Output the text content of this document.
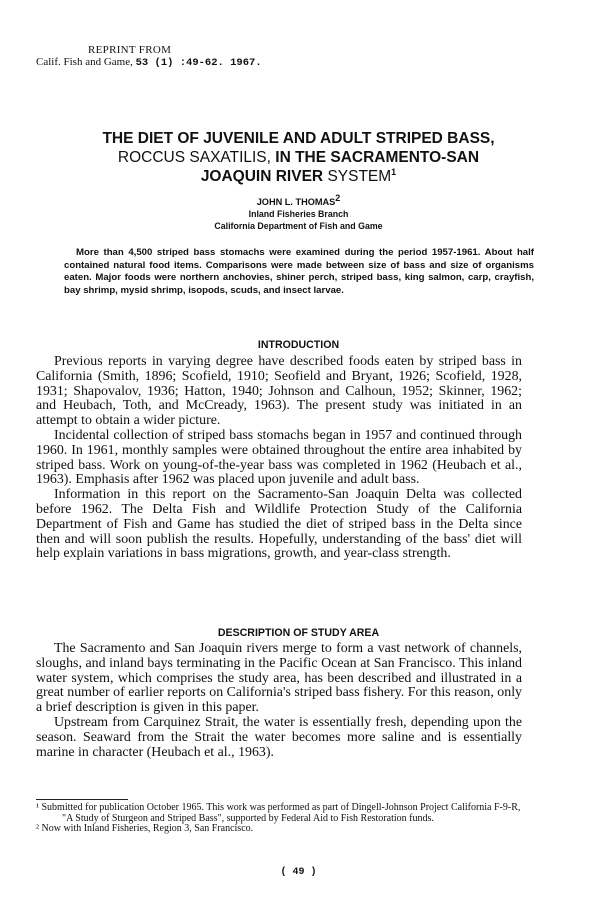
REPRINT FROM
Calif. Fish and Game, 53 (1) :49-62. 1967.
THE DIET OF JUVENILE AND ADULT STRIPED BASS,
ROCCUS SAXATILIS, IN THE SACRAMENTO-SAN
JOAQUIN RIVER SYSTEM$^1$
JOHN L. THOMAS2
Inland Fisheries Branch
California Department of Fish and Game
More than 4,500 striped bass stomachs were examined during the period 1957-1961. About half contained natural food items. Comparisons were made between size of bass and size of organisms eaten. Major foods were northern anchovies, shiner perch, striped bass, king salmon, carp, crayfish, bay shrimp, mysid shrimp, isopods, scuds, and insect larvae.
INTRODUCTION

Previous reports in varying degree have described foods eaten by striped bass in California (Smith, 1896; Scofield, 1910; Seofield and Bryant, 1926; Scofield, 1928, 1931; Shapovalov, 1936; Hatton, 1940; Johnson and Calhoun, 1952; Skinner, 1962; and Heubach, Toth, and McCready, 1963). The present study was initiated in an attempt to obtain a wider picture.

Incidental collection of striped bass stomachs began in 1957 and continued through 1960. In 1961, monthly samples were obtained throughout the entire area inhabited by striped bass. Work on young-of-the-year bass was completed in 1962 (Heubach et al., 1963). Emphasis after 1962 was placed upon juvenile and adult bass.

Information in this report on the Sacramento-San Joaquin Delta was collected before 1962. The Delta Fish and Wildlife Protection Study of the California Department of Fish and Game has studied the diet of striped bass in the Delta since then and will soon publish the results. Hopefully, understanding of the bass' diet will help explain variations in bass migrations, growth, and year-class strength.

DESCRIPTION OF STUDY AREA

The Sacramento and San Joaquin rivers merge to form a vast network of channels, sloughs, and inland bays terminating in the Pacific Ocean at San Francisco. This inland water system, which comprises the study area, has been described and illustrated in a great number of earlier reports on California's striped bass fishery. For this reason, only a brief description is given in this paper.

Upstream from Carquinez Strait, the water is essentially fresh, depending upon the season. Seaward from the Strait the water becomes more saline and is essentially marine in character (Heubach et al., 1963).

¹ Submitted for publication October 1965. This work was performed as part of Dingell-Johnson Project California F-9-R, "A Study of Sturgeon and Striped Bass", supported by Federal Aid to Fish Restoration funds.

² Now with Inland Fisheries, Region 3, San Francisco.

( 49 )
